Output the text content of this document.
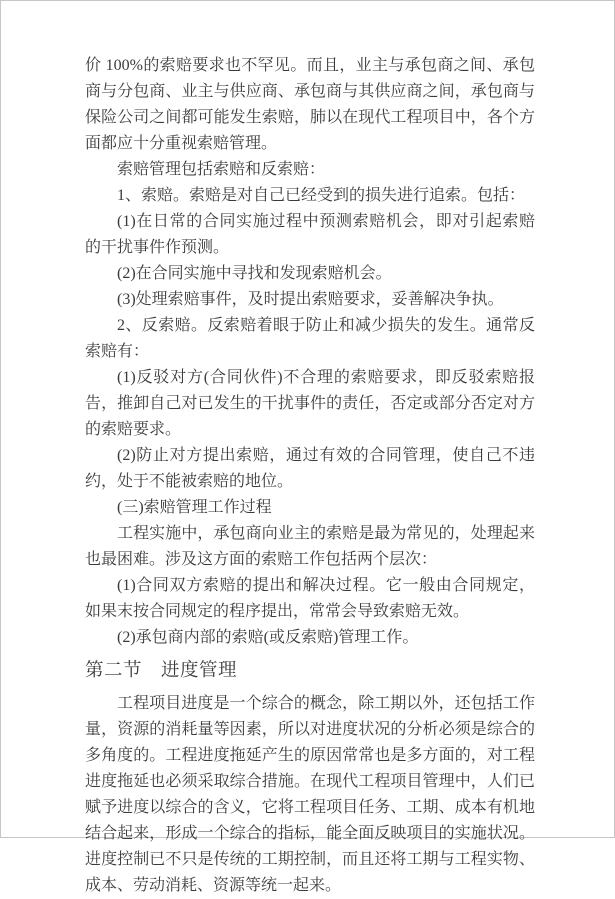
价 100%的索赔要求也不罕见。而且，业主与承包商之间、承包商与分包商、业主与供应商、承包商与其供应商之间，承包商与保险公司之间都可能发生索赔，肺以在现代工程项目中，各个方面都应十分重视索赔管理。

索赔管理包括索赔和反索赔：

1、索赔。索赔是对自己已经受到的损失进行追索。包括：

(1)在日常的合同实施过程中预测索赔机会，即对引起索赔的干扰事件作预测。

(2)在合同实施中寻找和发现索赔机会。

(3)处理索赔事件，及时提出索赔要求，妥善解决争执。

2、反索赔。反索赔着眼于防止和减少损失的发生。通常反索赔有：

(1)反驳对方(合同伙件)不合理的索赔要求，即反驳索赔报告，推卸自己对已发生的干扰事件的责任，否定或部分否定对方的索赔要求。

(2)防止对方提出索赔，通过有效的合同管理，使自己不违约，处于不能被索赔的地位。

(三)索赔管理工作过程

工程实施中，承包商向业主的索赔是最为常见的，处理起来也最困难。涉及这方面的索赔工作包括两个层次：

(1)合同双方索赔的提出和解决过程。它一般由合同规定，如果末按合同规定的程序提出，常常会导致索赔无效。

(2)承包商内部的索赔(或反索赔)管理工作。

第二节　进度管理

工程项目进度是一个综合的概念，除工期以外，还包括工作量，资源的消耗量等因素，所以对进度状况的分析必须是综合的多角度的。工程进度拖延产生的原因常常也是多方面的，对工程进度拖延也必须采取综合措施。在现代工程项目管理中，人们已赋予进度以综合的含义，它将工程项目任务、工期、成本有机地结合起来，形成一个综合的指标，能全面反映项目的实施状况。进度控制已不只是传统的工期控制，而且还将工期与工程实物、成本、劳动消耗、资源等统一起来。
